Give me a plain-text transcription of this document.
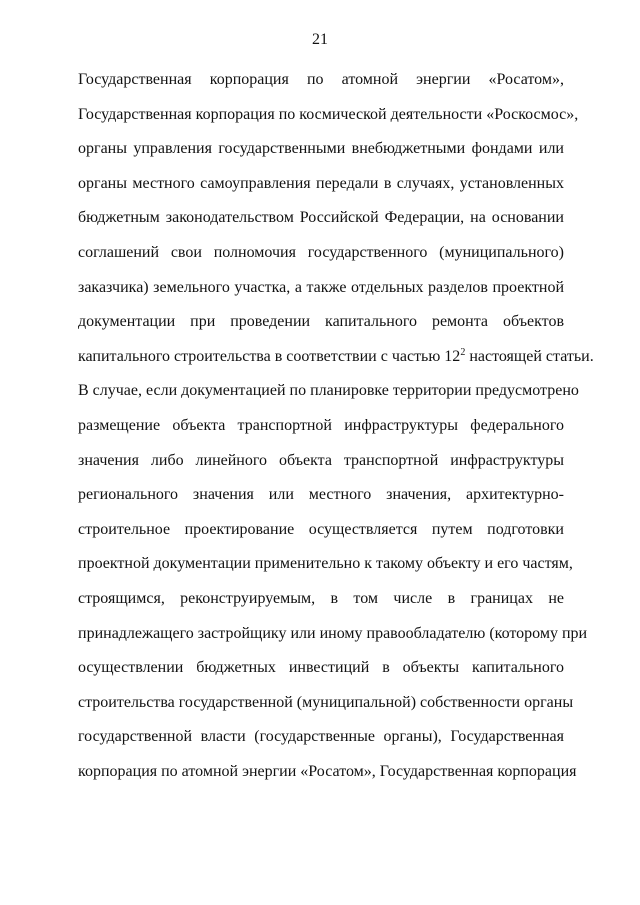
21
Государственная корпорация по атомной энергии «Росатом»,
Государственная корпорация по космической деятельности «Роскосмос»,
органы управления государственными внебюджетными фондами или
органы местного самоуправления передали в случаях, установленных
бюджетным законодательством Российской Федерации, на основании
соглашений свои полномочия государственного (муниципального)
заказчика) земельного участка, а также отдельных разделов проектной
документации при проведении капитального ремонта объектов
капитального строительства в соответствии с частью $12^2$ настоящей статьи.
В случае, если документацией по планировке территории предусмотрено
размещение объекта транспортной инфраструктуры федерального
значения либо линейного объекта транспортной инфраструктуры
регионального значения или местного значения, архитектурно-
строительное проектирование осуществляется путем подготовки
проектной документации применительно к такому объекту и его частям,
строящимся, реконструируемым, в том числе в границах не
принадлежащего застройщику или иному правообладателю (которому при
осуществлении бюджетных инвестиций в объекты капитального
строительства государственной (муниципальной) собственности органы
государственной власти (государственные органы), Государственная
корпорация по атомной энергии «Росатом», Государственная корпорация
